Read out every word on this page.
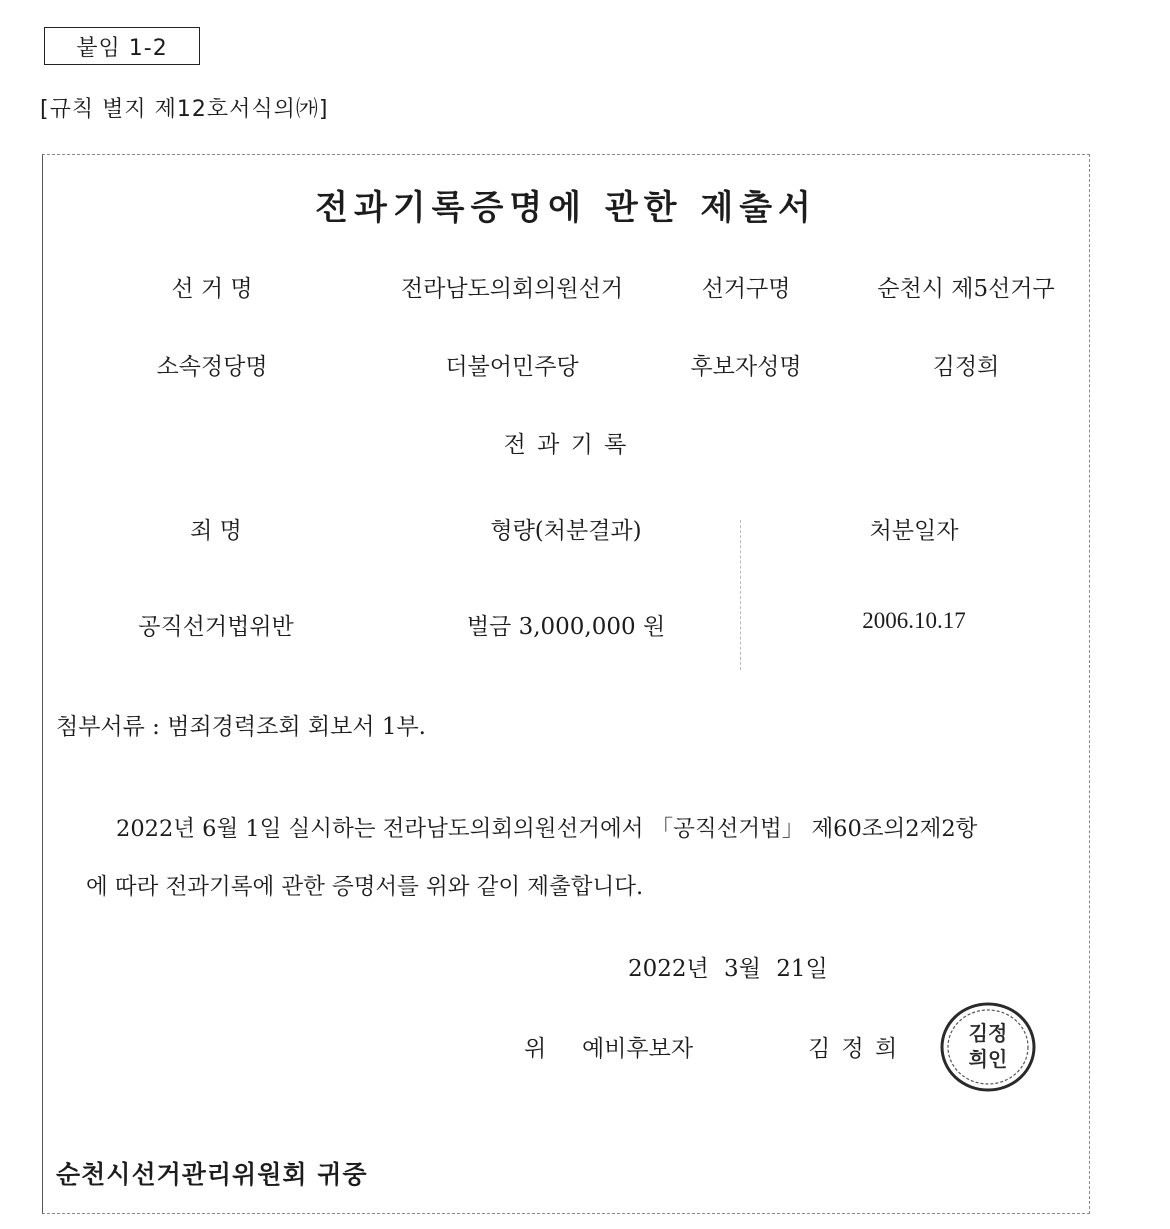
붙임 1-2
[규칙 별지 제12호서식의㈎]
전과기록증명에 관한 제출서
선 거 명	전라남도의회의원선거	선거구명	순천시 제5선거구
소속정당명	더불어민주당	후보자성명	김정희
전 과 기 록
죄 명	형량(처분결과)	처분일자
공직선거법위반	벌금 3,000,000 원	2006.10.17
첨부서류 : 범죄경력조회 회보서 1부.
2022년 6월 1일 실시하는 전라남도의회의원선거에서 「공직선거법」 제60조의2제2항
에 따라 전과기록에 관한 증명서를 위와 같이 제출합니다.
2022년 3월 21일
위 예비후보자	김 정 희
김정
희인
순천시선거관리위원회 귀중
